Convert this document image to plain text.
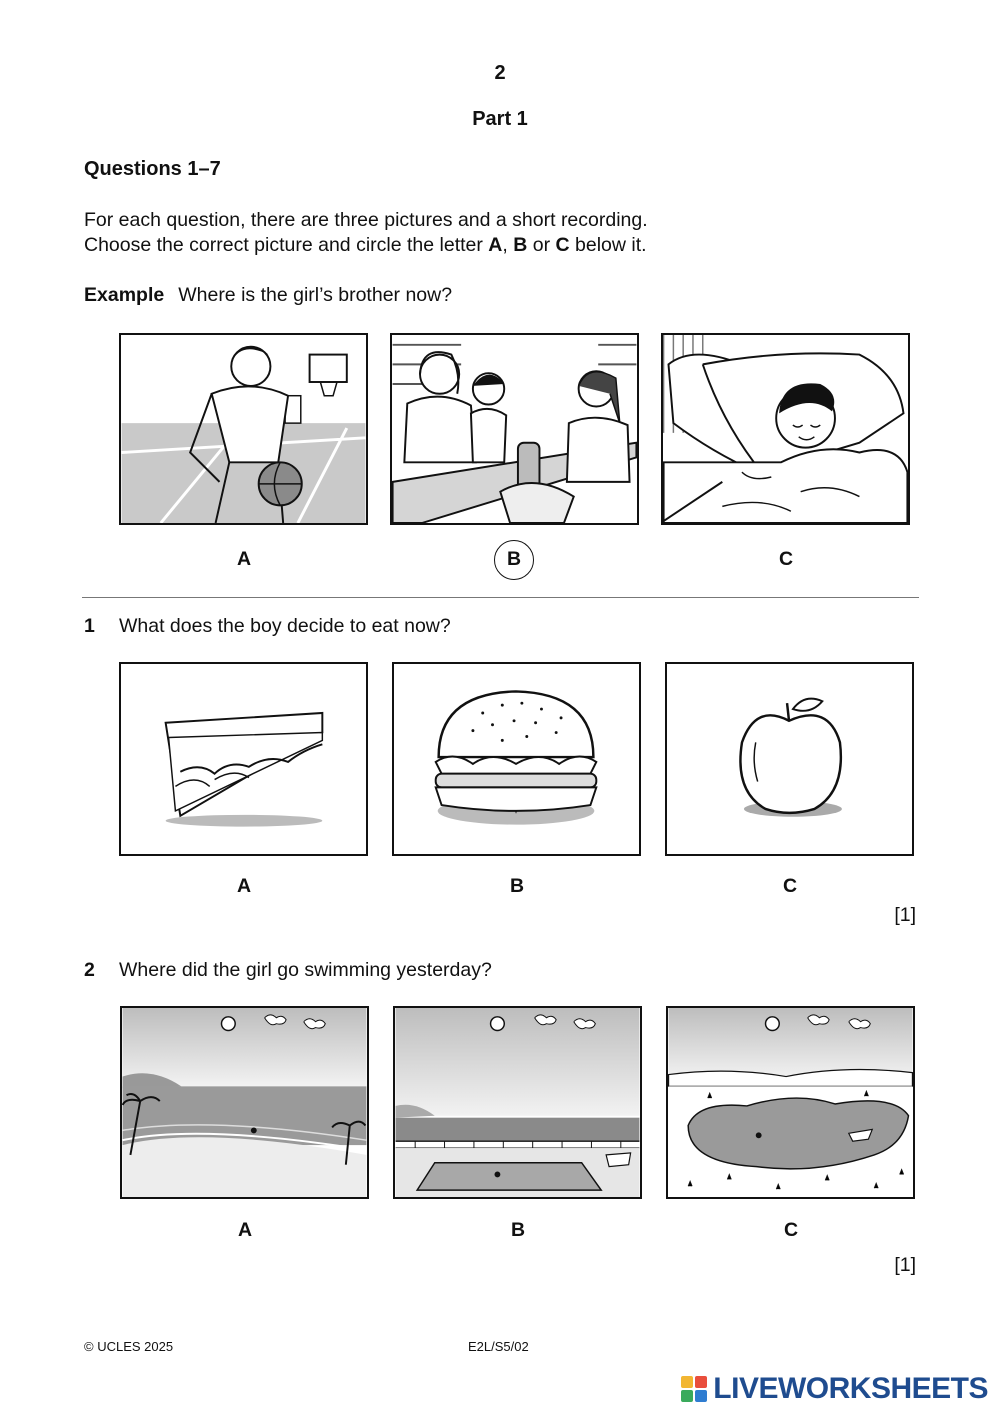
2
Part 1
Questions 1–7
For each question, there are three pictures and a short recording.
Choose the correct picture and circle the letter A, B or C below it.
Example Where is the girl’s brother now?
A	B	C
1 What does the boy decide to eat now?
A	B	C
[1]
2 Where did the girl go swimming yesterday?
A	B	C
[1]
© UCLES 2025	E2L/S5/02
LIVEWORKSHEETS
